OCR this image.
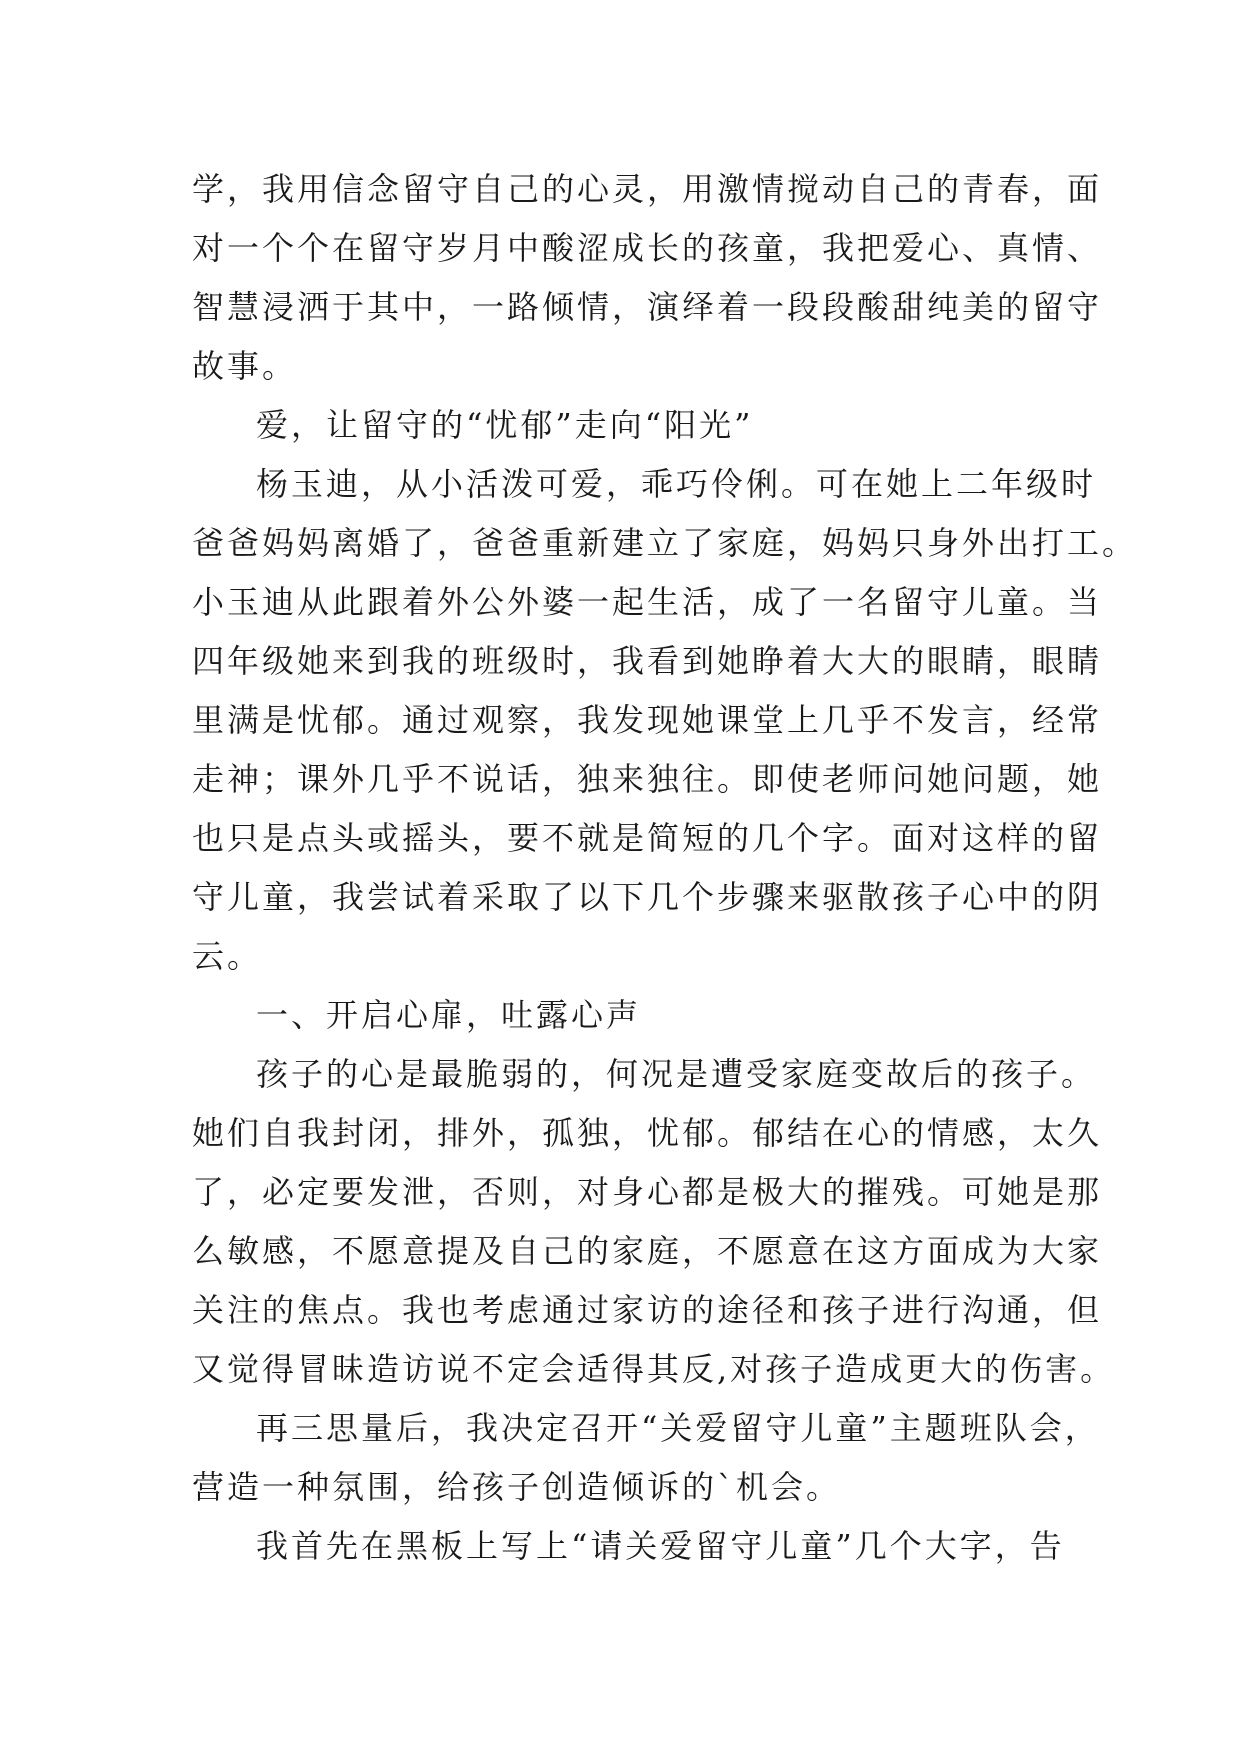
学，我用信念留守自己的心灵，用激情搅动自己的青春，面
对一个个在留守岁月中酸涩成长的孩童，我把爱心、真情、
智慧浸洒于其中，一路倾情，演绎着一段段酸甜纯美的留守
故事。
爱，让留守的“忧郁”走向“阳光”
杨玉迪，从小活泼可爱，乖巧伶俐。可在她上二年级时
爸爸妈妈离婚了，爸爸重新建立了家庭，妈妈只身外出打工。
小玉迪从此跟着外公外婆一起生活，成了一名留守儿童。当
四年级她来到我的班级时，我看到她睁着大大的眼睛，眼睛
里满是忧郁。通过观察，我发现她课堂上几乎不发言，经常
走神；课外几乎不说话，独来独往。即使老师问她问题，她
也只是点头或摇头，要不就是简短的几个字。面对这样的留
守儿童，我尝试着采取了以下几个步骤来驱散孩子心中的阴
云。
一、开启心扉，吐露心声
孩子的心是最脆弱的，何况是遭受家庭变故后的孩子。
她们自我封闭，排外，孤独，忧郁。郁结在心的情感，太久
了，必定要发泄，否则，对身心都是极大的摧残。可她是那
么敏感，不愿意提及自己的家庭，不愿意在这方面成为大家
关注的焦点。我也考虑通过家访的途径和孩子进行沟通，但
又觉得冒昧造访说不定会适得其反,对孩子造成更大的伤害。
再三思量后，我决定召开“关爱留守儿童”主题班队会，
营造一种氛围，给孩子创造倾诉的`机会。
我首先在黑板上写上“请关爱留守儿童”几个大字，告
